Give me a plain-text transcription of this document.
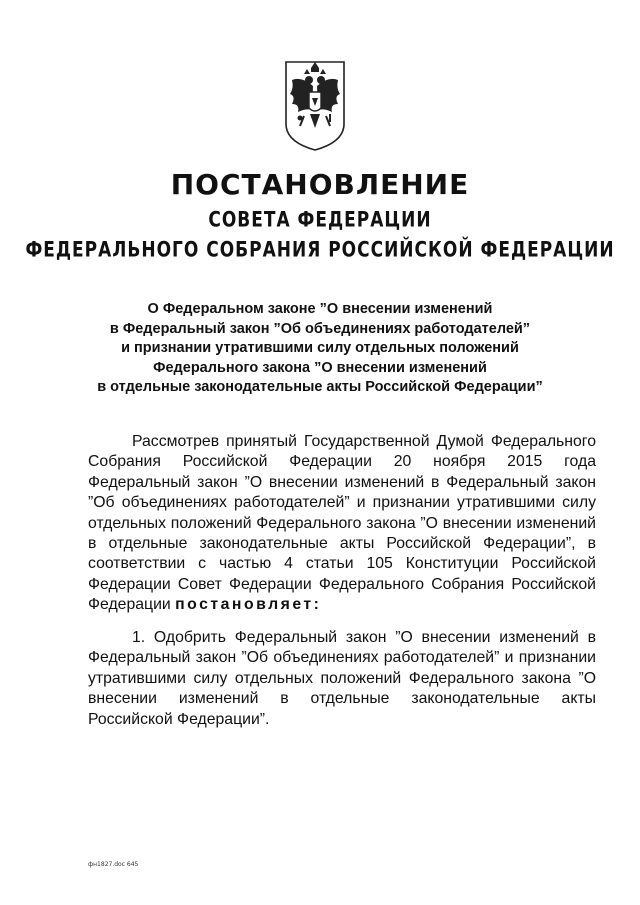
ПОСТАНОВЛЕНИЕ
СОВЕТА ФЕДЕРАЦИИ
ФЕДЕРАЛЬНОГО СОБРАНИЯ РОССИЙСКОЙ ФЕДЕРАЦИИ
О Федеральном законе ”О внесении изменений
в Федеральный закон ”Об объединениях работодателей”
и признании утратившими силу отдельных положений
Федерального закона ”О внесении изменений
в отдельные законодательные акты Российской Федерации”

Рассмотрев принятый Государственной Думой Федерального Собрания Российской Федерации 20 ноября 2015 года Федеральный закон ”О внесении изменений в Федеральный закон ”Об объединениях работодателей” и признании утратившими силу отдельных положений Федерального закона ”О внесении изменений в отдельные законодательные акты Российской Федерации”, в соответствии с частью 4 статьи 105 Конституции Российской Федерации Совет Федерации Федерального Собрания Российской Федерации постановляет:

1. Одобрить Федеральный закон ”О внесении изменений в Федеральный закон ”Об объединениях работодателей” и признании утратившими силу отдельных положений Федерального закона ”О внесении изменений в отдельные законодательные акты Российской Федерации”.

фн1827.doc 645
